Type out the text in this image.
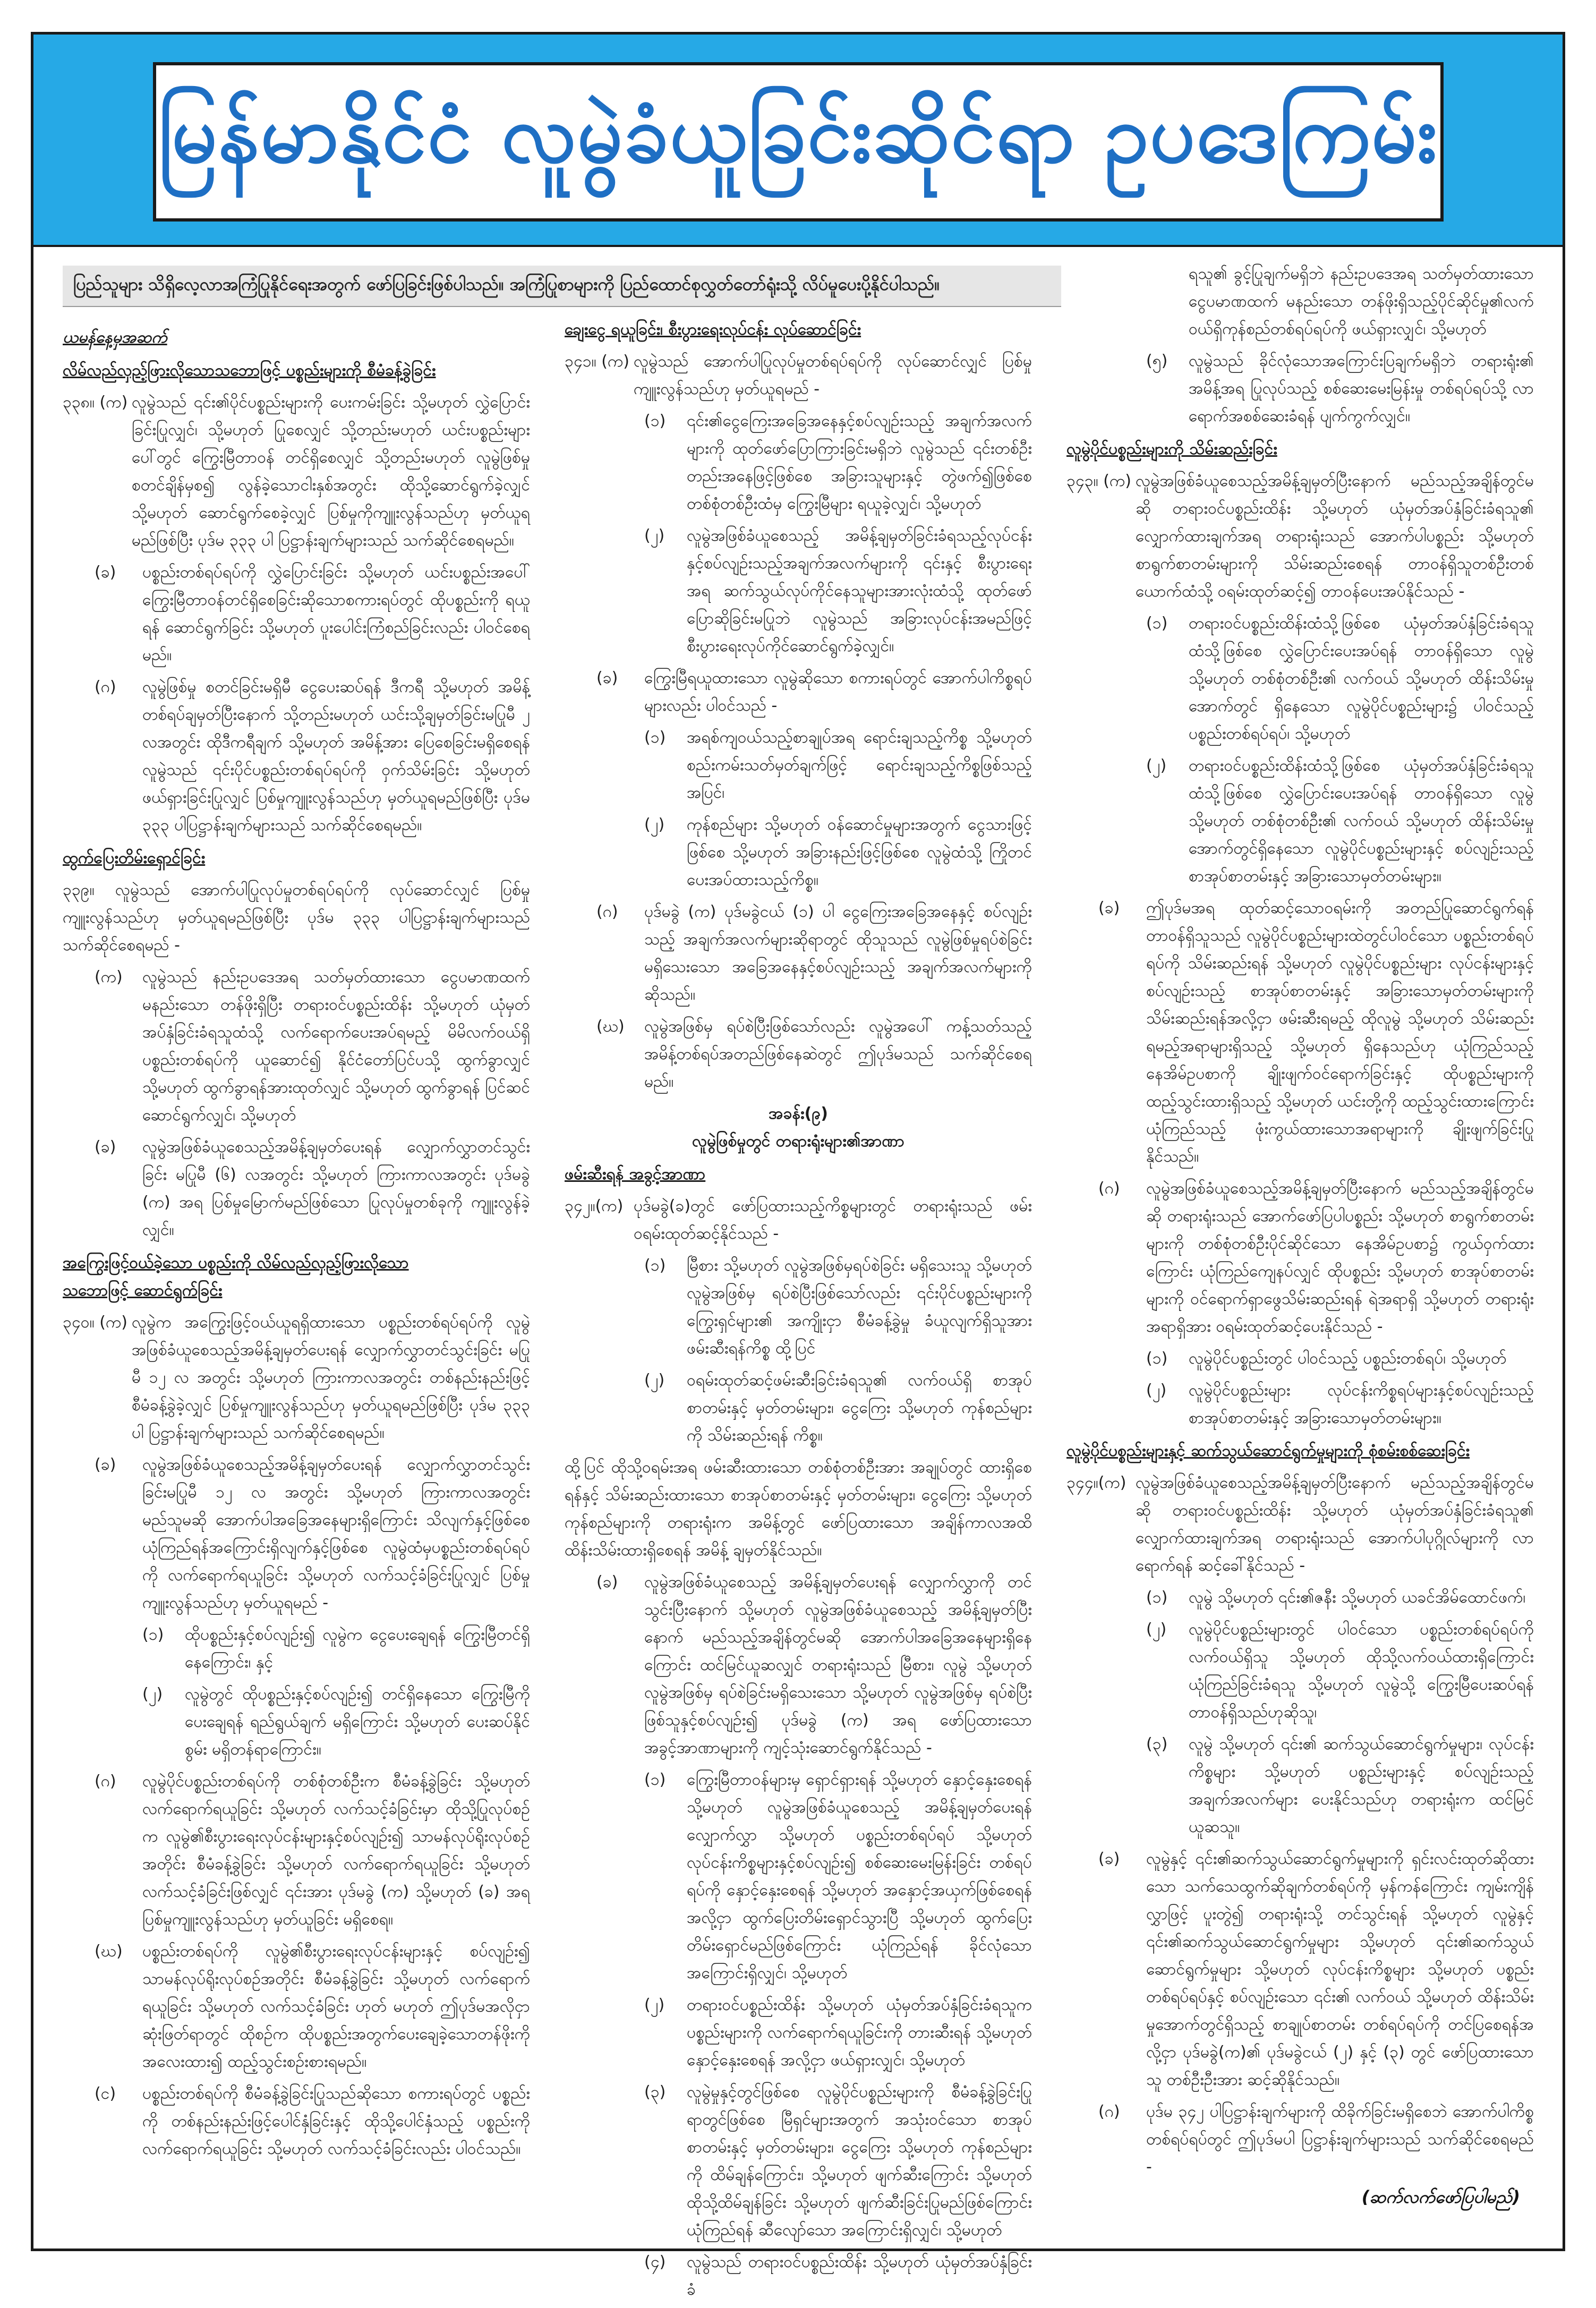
မြန်မာနိုင်ငံ လူမွဲခံယူခြင်းဆိုင်ရာ ဥပဒေကြမ်း
ပြည်သူများ သိရှိလေ့လာအကြံပြုနိုင်ရေးအတွက် ဖော်ပြခြင်းဖြစ်ပါသည်။ အကြံပြုစာများကို ပြည်ထောင်စုလွှတ်တော်ရုံးသို့ လိပ်မူပေးပို့နိုင်ပါသည်။

ယမန်နေ့မှအဆက်

လိမ်လည်လှည့်ဖြားလိုသောသဘောဖြင့် ပစ္စည်းများကို စီမံခန့်ခွဲခြင်း

၃၃၈။ (က) လူမွဲသည် ၎င်း၏ပိုင်ပစ္စည်းများကို ပေးကမ်းခြင်း သို့မဟုတ် လွှဲပြောင်းခြင်းပြုလျှင်၊ သို့မဟုတ် ပြုစေလျှင် သို့တည်းမဟုတ် ယင်းပစ္စည်းများပေါ်တွင် ကြွေးမြီတာဝန် တင်ရှိစေလျှင် သို့တည်းမဟုတ် လူမွဲဖြစ်မှုစတင်ချိန်မှစ၍ လွန်ခဲ့သောငါးနှစ်အတွင်း ထိုသို့ဆောင်ရွက်ခဲ့လျှင် သို့မဟုတ် ဆောင်ရွက်စေခဲ့လျှင် ပြစ်မှုကိုကျူးလွန်သည်ဟု မှတ်ယူရမည်ဖြစ်ပြီး ပုဒ်မ ၃၃၃ ပါ ပြဋ္ဌာန်းချက်များသည် သက်ဆိုင်စေရမည်။
(ခ)	ပစ္စည်းတစ်ရပ်ရပ်ကို လွှဲပြောင်းခြင်း သို့မဟုတ် ယင်းပစ္စည်းအပေါ် ကြွေးမြီတာဝန်တင်ရှိစေခြင်းဆိုသောစကားရပ်တွင် ထိုပစ္စည်းကို ရယူရန် ဆောင်ရွက်ခြင်း သို့မဟုတ် ပူးပေါင်းကြံစည်ခြင်းလည်း ပါဝင်စေရမည်။
(ဂ)	လူမွဲဖြစ်မှု စတင်ခြင်းမရှိမီ ငွေပေးဆပ်ရန် ဒီကရီ သို့မဟုတ် အမိန့်တစ်ရပ်ချမှတ်ပြီးနောက် သို့တည်းမဟုတ် ယင်းသို့ချမှတ်ခြင်းမပြုမီ ၂ လအတွင်း ထိုဒီကရီချက် သို့မဟုတ် အမိန့်အား ပြေစေခြင်းမရှိစေရန် လူမွဲသည် ၎င်းပိုင်ပစ္စည်းတစ်ရပ်ရပ်ကို ဝှက်သိမ်းခြင်း သို့မဟုတ် ဖယ်ရှားခြင်းပြုလျှင် ပြစ်မှုကျူးလွန်သည်ဟု မှတ်ယူရမည်ဖြစ်ပြီး ပုဒ်မ ၃၃၃ ပါပြဋ္ဌာန်းချက်များသည် သက်ဆိုင်စေရမည်။

ထွက်ပြေးတိမ်းရှောင်ခြင်း

၃၃၉။ လူမွဲသည် အောက်ပါပြုလုပ်မှုတစ်ရပ်ရပ်ကို လုပ်ဆောင်လျှင် ပြစ်မှုကျူးလွန်သည်ဟု မှတ်ယူရမည်ဖြစ်ပြီး ပုဒ်မ ၃၃၃ ပါပြဋ္ဌာန်းချက်များသည် သက်ဆိုင်စေရမည် -

(က)	လူမွဲသည် နည်းဥပဒေအရ သတ်မှတ်ထားသော ငွေပမာဏထက် မနည်းသော တန်ဖိုးရှိပြီး တရားဝင်ပစ္စည်းထိန်း သို့မဟုတ် ယုံမှတ်အပ်နှံခြင်းခံရသူထံသို့ လက်ရောက်ပေးအပ်ရမည့် မိမိလက်ဝယ်ရှိပစ္စည်းတစ်ရပ်ကို ယူဆောင်၍ နိုင်ငံတော်ပြင်ပသို့ ထွက်ခွာလျှင် သို့မဟုတ် ထွက်ခွာရန်အားထုတ်လျှင် သို့မဟုတ် ထွက်ခွာရန် ပြင်ဆင်ဆောင်ရွက်လျှင်၊ သို့မဟုတ်
(ခ)	လူမွဲအဖြစ်ခံယူစေသည့်အမိန့်ချမှတ်ပေးရန် လျှောက်လွှာတင်သွင်းခြင်း မပြုမီ (၆) လအတွင်း သို့မဟုတ် ကြားကာလအတွင်း ပုဒ်မခွဲ (က) အရ ပြစ်မှုမြောက်မည်ဖြစ်သော ပြုလုပ်မှုတစ်ခုကို ကျူးလွန်ခဲ့လျှင်။

အကြွေးဖြင့်ဝယ်ခဲ့သော ပစ္စည်းကို လိမ်လည်လှည့်ဖြားလိုသော

သဘောဖြင့် ဆောင်ရွက်ခြင်း

၃၄၀။ (က) လူမွဲက အကြွေးဖြင့်ဝယ်ယူရရှိထားသော ပစ္စည်းတစ်ရပ်ရပ်ကို လူမွဲအဖြစ်ခံယူစေသည့်အမိန့်ချမှတ်ပေးရန် လျှောက်လွှာတင်သွင်းခြင်း မပြုမီ ၁၂ လ အတွင်း သို့မဟုတ် ကြားကာလအတွင်း တစ်နည်းနည်းဖြင့် စီမံခန့်ခွဲခဲ့လျှင် ပြစ်မှုကျူးလွန်သည်ဟု မှတ်ယူရမည်ဖြစ်ပြီး ပုဒ်မ ၃၃၃ ပါ ပြဋ္ဌာန်းချက်များသည် သက်ဆိုင်စေရမည်။
(ခ)	လူမွဲအဖြစ်ခံယူစေသည့်အမိန့်ချမှတ်ပေးရန် လျှောက်လွှာတင်သွင်းခြင်းမပြုမီ ၁၂ လ အတွင်း သို့မဟုတ် ကြားကာလအတွင်း မည်သူမဆို အောက်ပါအခြေအနေများရှိကြောင်း သိလျက်နှင့်ဖြစ်စေ ယုံကြည်ရန်အကြောင်းရှိလျက်နှင့်ဖြစ်စေ လူမွဲထံမှပစ္စည်းတစ်ရပ်ရပ်ကို လက်ရောက်ရယူခြင်း သို့မဟုတ် လက်သင့်ခံခြင်းပြုလျှင် ပြစ်မှုကျူးလွန်သည်ဟု မှတ်ယူရမည် -
(၁)	ထိုပစ္စည်းနှင့်စပ်လျဉ်း၍ လူမွဲက ငွေပေးချေရန် ကြွေးမြီတင်ရှိနေကြောင်း၊ နှင့်
(၂)	လူမွဲတွင် ထိုပစ္စည်းနှင့်စပ်လျဉ်း၍ တင်ရှိနေသော ကြွေးမြီကို ပေးချေရန် ရည်ရွယ်ချက် မရှိကြောင်း သို့မဟုတ် ပေးဆပ်နိုင်စွမ်း မရှိတန်ရာကြောင်း။
(ဂ)	လူမွဲပိုင်ပစ္စည်းတစ်ရပ်ကို တစ်စုံတစ်ဦးက စီမံခန့်ခွဲခြင်း သို့မဟုတ် လက်ရောက်ရယူခြင်း သို့မဟုတ် လက်သင့်ခံခြင်းမှာ ထိုသို့ပြုလုပ်စဉ်က လူမွဲ၏စီးပွားရေးလုပ်ငန်းများနှင့်စပ်လျဉ်း၍ သာမန်လုပ်ရိုးလုပ်စဉ်အတိုင်း စီမံခန့်ခွဲခြင်း သို့မဟုတ် လက်ရောက်ရယူခြင်း သို့မဟုတ် လက်သင့်ခံခြင်းဖြစ်လျှင် ၎င်းအား ပုဒ်မခွဲ (က) သို့မဟုတ် (ခ) အရ ပြစ်မှုကျူးလွန်သည်ဟု မှတ်ယူခြင်း မရှိစေရ။
(ဃ)	ပစ္စည်းတစ်ရပ်ကို လူမွဲ၏စီးပွားရေးလုပ်ငန်းများနှင့် စပ်လျဉ်း၍ သာမန်လုပ်ရိုးလုပ်စဉ်အတိုင်း စီမံခန့်ခွဲခြင်း သို့မဟုတ် လက်ရောက်ရယူခြင်း သို့မဟုတ် လက်သင့်ခံခြင်း ဟုတ် မဟုတ် ဤပုဒ်မအလိုငှာ ဆုံးဖြတ်ရာတွင် ထိုစဉ်က ထိုပစ္စည်းအတွက်ပေးချေခဲ့သောတန်ဖိုးကို အလေးထား၍ ထည့်သွင်းစဉ်းစားရမည်။
(င)	ပစ္စည်းတစ်ရပ်ကို စီမံခန့်ခွဲခြင်းပြုသည်ဆိုသော စကားရပ်တွင် ပစ္စည်းကို တစ်နည်းနည်းဖြင့်ပေါင်နှံခြင်းနှင့် ထိုသို့ပေါင်နှံသည့် ပစ္စည်းကို လက်ရောက်ရယူခြင်း သို့မဟုတ် လက်သင့်ခံခြင်းလည်း ပါဝင်သည်။

ချေးငွေ ရယူခြင်း၊ စီးပွားရေးလုပ်ငန်း လုပ်ဆောင်ခြင်း

၃၄၁။ (က) လူမွဲသည် အောက်ပါပြုလုပ်မှုတစ်ရပ်ရပ်ကို လုပ်ဆောင်လျှင် ပြစ်မှုကျူးလွန်သည်ဟု မှတ်ယူရမည် -
(၁)	၎င်း၏ငွေကြေးအခြေအနေနှင့်စပ်လျဉ်းသည့် အချက်အလက်များကို ထုတ်ဖော်ပြောကြားခြင်းမရှိဘဲ လူမွဲသည် ၎င်းတစ်ဦးတည်းအနေဖြင့်ဖြစ်စေ အခြားသူများနှင့် တွဲဖက်၍ဖြစ်စေ တစ်စုံတစ်ဦးထံမှ ကြွေးမြီများ ရယူခဲ့လျှင်၊ သို့မဟုတ်
(၂)	လူမွဲအဖြစ်ခံယူစေသည့် အမိန့်ချမှတ်ခြင်းခံရသည့်လုပ်ငန်း နှင့်စပ်လျဉ်းသည့်အချက်အလက်များကို ၎င်းနှင့် စီးပွားရေးအရ ဆက်သွယ်လုပ်ကိုင်နေသူများအားလုံးထံသို့ ထုတ်ဖော်ပြောဆိုခြင်းမပြုဘဲ လူမွဲသည် အခြားလုပ်ငန်းအမည်ဖြင့် စီးပွားရေးလုပ်ကိုင်ဆောင်ရွက်ခဲ့လျှင်။
(ခ)	ကြွေးမြီရယူထားသော လူမွဲဆိုသော စကားရပ်တွင် အောက်ပါကိစ္စရပ်များလည်း ပါဝင်သည် -
(၁)	အရစ်ကျဝယ်သည့်စာချုပ်အရ ရောင်းချသည့်ကိစ္စ သို့မဟုတ် စည်းကမ်းသတ်မှတ်ချက်ဖြင့် ရောင်းချသည့်ကိစ္စဖြစ်သည့်အပြင်၊
(၂)	ကုန်စည်များ သို့မဟုတ် ဝန်ဆောင်မှုများအတွက် ငွေသားဖြင့်ဖြစ်စေ သို့မဟုတ် အခြားနည်းဖြင့်ဖြစ်စေ လူမွဲထံသို့ ကြိုတင်ပေးအပ်ထားသည့်ကိစ္စ။
(ဂ)	ပုဒ်မခွဲ (က) ပုဒ်မခွဲငယ် (၁) ပါ ငွေကြေးအခြေအနေနှင့် စပ်လျဉ်းသည့် အချက်အလက်များဆိုရာတွင် ထိုသူသည် လူမွဲဖြစ်မှုရပ်စဲခြင်း မရှိသေးသော အခြေအနေနှင့်စပ်လျဉ်းသည့် အချက်အလက်များကိုဆိုသည်။
(ဃ)	လူမွဲအဖြစ်မှ ရပ်စဲပြီးဖြစ်သော်လည်း လူမွဲအပေါ် ကန့်သတ်သည့်အမိန့်တစ်ရပ်အတည်ဖြစ်နေဆဲတွင် ဤပုဒ်မသည် သက်ဆိုင်စေရမည်။

အခန်း(၉)

လူမွဲဖြစ်မှုတွင် တရားရုံးများ၏အာဏာ

ဖမ်းဆီးရန် အခွင့်အာဏာ

၃၄၂။(က) ပုဒ်မခွဲ(ခ)တွင် ဖော်ပြထားသည့်ကိစ္စများတွင် တရားရုံးသည် ဖမ်းဝရမ်းထုတ်ဆင့်နိုင်သည် -
(၁)	မြီစား သို့မဟုတ် လူမွဲအဖြစ်မှရပ်စဲခြင်း မရှိသေးသူ သို့မဟုတ် လူမွဲအဖြစ်မှ ရပ်စဲပြီးဖြစ်သော်လည်း ၎င်းပိုင်ပစ္စည်းများကို ကြွေးရှင်များ၏ အကျိုးငှာ စီမံခန့်ခွဲမှု ခံယူလျက်ရှိသူအား ဖမ်းဆီးရန်ကိစ္စ ထို့ပြင်
(၂)	ဝရမ်းထုတ်ဆင့်ဖမ်းဆီးခြင်းခံရသူ၏ လက်ဝယ်ရှိ စာအုပ်စာတမ်းနှင့် မှတ်တမ်းများ၊ ငွေကြေး သို့မဟုတ် ကုန်စည်များကို သိမ်းဆည်းရန် ကိစ္စ။

ထို့ပြင် ထိုသို့ဝရမ်းအရ ဖမ်းဆီးထားသော တစ်စုံတစ်ဦးအား အချုပ်တွင် ထားရှိစေရန်နှင့် သိမ်းဆည်းထားသော စာအုပ်စာတမ်းနှင့် မှတ်တမ်းများ၊ ငွေကြေး သို့မဟုတ် ကုန်စည်များကို တရားရုံးက အမိန့်တွင် ဖော်ပြထားသော အချိန်ကာလအထိ ထိန်းသိမ်းထားရှိစေရန် အမိန့် ချမှတ်နိုင်သည်။

(ခ)	လူမွဲအဖြစ်ခံယူစေသည့် အမိန့်ချမှတ်ပေးရန် လျှောက်လွှာကို တင်သွင်းပြီးနောက် သို့မဟုတ် လူမွဲအဖြစ်ခံယူစေသည့် အမိန့်ချမှတ်ပြီးနောက် မည်သည့်အချိန်တွင်မဆို အောက်ပါအခြေအနေများရှိနေကြောင်း ထင်မြင်ယူဆလျှင် တရားရုံးသည် မြီစား၊ လူမွဲ သို့မဟုတ် လူမွဲအဖြစ်မှ ရပ်စဲခြင်းမရှိသေးသော သို့မဟုတ် လူမွဲအဖြစ်မှ ရပ်စဲပြီးဖြစ်သူနှင့်စပ်လျဉ်း၍ ပုဒ်မခွဲ (က) အရ ဖော်ပြထားသော အခွင့်အာဏာများကို ကျင့်သုံးဆောင်ရွက်နိုင်သည် -
(၁)	ကြွေးမြီတာဝန်များမှ ရှောင်ရှားရန် သို့မဟုတ် နှောင့်နှေးစေရန် သို့မဟုတ် လူမွဲအဖြစ်ခံယူစေသည့် အမိန့်ချမှတ်ပေးရန် လျှောက်လွှာ သို့မဟုတ် ပစ္စည်းတစ်ရပ်ရပ် သို့မဟုတ် လုပ်ငန်းကိစ္စများနှင့်စပ်လျဉ်း၍ စစ်ဆေးမေးမြန်းခြင်း တစ်ရပ်ရပ်ကို နှောင့်နှေးစေရန် သို့မဟုတ် အနှောင့်အယှက်ဖြစ်စေရန် အလို့ငှာ ထွက်ပြေးတိမ်းရှောင်သွားပြီ သို့မဟုတ် ထွက်ပြေးတိမ်းရှောင်မည်ဖြစ်ကြောင်း ယုံကြည်ရန် ခိုင်လုံသော အကြောင်းရှိလျှင်၊ သို့မဟုတ်
(၂)	တရားဝင်ပစ္စည်းထိန်း သို့မဟုတ် ယုံမှတ်အပ်နှံခြင်းခံရသူက ပစ္စည်းများကို လက်ရောက်ရယူခြင်းကို တားဆီးရန် သို့မဟုတ် နှောင့်နှေးစေရန် အလို့ငှာ ဖယ်ရှားလျှင်၊ သို့မဟုတ်
(၃)	လူမွဲမှုနှင့်တွင်ဖြစ်စေ လူမွဲပိုင်ပစ္စည်းများကို စီမံခန့်ခွဲခြင်းပြုရာတွင်ဖြစ်စေ မြီရှင်များအတွက် အသုံးဝင်သော စာအုပ်စာတမ်းနှင့် မှတ်တမ်းများ၊ ငွေကြေး သို့မဟုတ် ကုန်စည်များကို ထိမ်ချန်ကြောင်း၊ သို့မဟုတ် ဖျက်ဆီးကြောင်း သို့မဟုတ် ထိုသို့ထိမ်ချန်ခြင်း သို့မဟုတ် ဖျက်ဆီးခြင်းပြုမည်ဖြစ်ကြောင်း ယုံကြည်ရန် ဆီလျော်သော အကြောင်းရှိလျှင်၊ သို့မဟုတ်
(၄)	လူမွဲသည် တရားဝင်ပစ္စည်းထိန်း သို့မဟုတ် ယုံမှတ်အပ်နှံခြင်းခံ
ရသူ၏ ခွင့်ပြုချက်မရှိဘဲ နည်းဥပဒေအရ သတ်မှတ်ထားသော ငွေပမာဏထက် မနည်းသော တန်ဖိုးရှိသည့်ပိုင်ဆိုင်မှု၏လက်ဝယ်ရှိကုန်စည်တစ်ရပ်ရပ်ကို ဖယ်ရှားလျှင်၊ သို့မဟုတ်
(၅)	လူမွဲသည် ခိုင်လုံသောအကြောင်းပြချက်မရှိဘဲ တရားရုံး၏ အမိန့်အရ ပြုလုပ်သည့် စစ်ဆေးမေးမြန်းမှု တစ်ရပ်ရပ်သို့ လာရောက်အစစ်ဆေးခံရန် ပျက်ကွက်လျှင်။

လူမွဲပိုင်ပစ္စည်းများကို သိမ်းဆည်းခြင်း

၃၄၃။ (က) လူမွဲအဖြစ်ခံယူစေသည့်အမိန့်ချမှတ်ပြီးနောက် မည်သည့်အချိန်တွင်မဆို တရားဝင်ပစ္စည်းထိန်း သို့မဟုတ် ယုံမှတ်အပ်နှံခြင်းခံရသူ၏ လျှောက်ထားချက်အရ တရားရုံးသည် အောက်ပါပစ္စည်း သို့မဟုတ် စာရွက်စာတမ်းများကို သိမ်းဆည်းစေရန် တာဝန်ရှိသူတစ်ဦးတစ်ယောက်ထံသို့ ဝရမ်းထုတ်ဆင့်၍ တာဝန်ပေးအပ်နိုင်သည် -
(၁)	တရားဝင်ပစ္စည်းထိန်းထံသို့ဖြစ်စေ ယုံမှတ်အပ်နှံခြင်းခံရသူထံသို့ဖြစ်စေ လွှဲပြောင်းပေးအပ်ရန် တာဝန်ရှိသော လူမွဲ သို့မဟုတ် တစ်စုံတစ်ဦး၏ လက်ဝယ် သို့မဟုတ် ထိန်းသိမ်းမှုအောက်တွင် ရှိနေသော လူမွဲပိုင်ပစ္စည်းများ၌ ပါဝင်သည့် ပစ္စည်းတစ်ရပ်ရပ်၊ သို့မဟုတ်
(၂)	တရားဝင်ပစ္စည်းထိန်းထံသို့ဖြစ်စေ ယုံမှတ်အပ်နှံခြင်းခံရသူထံသို့ဖြစ်စေ လွှဲပြောင်းပေးအပ်ရန် တာဝန်ရှိသော လူမွဲ သို့မဟုတ် တစ်စုံတစ်ဦး၏ လက်ဝယ် သို့မဟုတ် ထိန်းသိမ်းမှုအောက်တွင်ရှိနေသော လူမွဲပိုင်ပစ္စည်းများနှင့် စပ်လျဉ်းသည့် စာအုပ်စာတမ်းနှင့် အခြားသောမှတ်တမ်းများ။
(ခ)	ဤပုဒ်မအရ ထုတ်ဆင့်သောဝရမ်းကို အတည်ပြုဆောင်ရွက်ရန် တာဝန်ရှိသူသည် လူမွဲပိုင်ပစ္စည်းများထဲတွင်ပါဝင်သော ပစ္စည်းတစ်ရပ်ရပ်ကို သိမ်းဆည်းရန် သို့မဟုတ် လူမွဲပိုင်ပစ္စည်းများ လုပ်ငန်းများနှင့်စပ်လျဉ်းသည့် စာအုပ်စာတမ်းနှင့် အခြားသောမှတ်တမ်းများကို သိမ်းဆည်းရန်အလို့ငှာ ဖမ်းဆီးရမည့် ထိုလူမွဲ သို့မဟုတ် သိမ်းဆည်းရမည့်အရာများရှိသည့် သို့မဟုတ် ရှိနေသည်ဟု ယုံကြည်သည့် နေအိမ်ဥပစာကို ချိုးဖျက်ဝင်ရောက်ခြင်းနှင့် ထိုပစ္စည်းများကို ထည့်သွင်းထားရှိသည့် သို့မဟုတ် ယင်းတို့ကို ထည့်သွင်းထားကြောင်း ယုံကြည်သည့် ဖုံးကွယ်ထားသောအရာများကို ချိုးဖျက်ခြင်းပြုနိုင်သည်။
(ဂ)	လူမွဲအဖြစ်ခံယူစေသည့်အမိန့်ချမှတ်ပြီးနောက် မည်သည့်အချိန်တွင်မဆို တရားရုံးသည် အောက်ဖော်ပြပါပစ္စည်း သို့မဟုတ် စာရွက်စာတမ်းများကို တစ်စုံတစ်ဦးပိုင်ဆိုင်သော နေအိမ်ဥပစာ၌ ကွယ်ဝှက်ထားကြောင်း ယုံကြည်ကျေနပ်လျှင် ထိုပစ္စည်း သို့မဟုတ် စာအုပ်စာတမ်းများကို ဝင်ရောက်ရှာဖွေသိမ်းဆည်းရန် ရဲအရာရှိ သို့မဟုတ် တရားရုံးအရာရှိအား ဝရမ်းထုတ်ဆင့်ပေးနိုင်သည် -
(၁)	လူမွဲပိုင်ပစ္စည်းတွင် ပါဝင်သည့် ပစ္စည်းတစ်ရပ်၊ သို့မဟုတ်
(၂)	လူမွဲပိုင်ပစ္စည်းများ လုပ်ငန်းကိစ္စရပ်များနှင့်စပ်လျဉ်းသည့် စာအုပ်စာတမ်းနှင့် အခြားသောမှတ်တမ်းများ။

လူမွဲပိုင်ပစ္စည်းများနှင့် ဆက်သွယ်ဆောင်ရွက်မှုများကို စုံစမ်းစစ်ဆေးခြင်း

၃၄၄။(က) လူမွဲအဖြစ်ခံယူစေသည့်အမိန့်ချမှတ်ပြီးနောက် မည်သည့်အချိန်တွင်မဆို တရားဝင်ပစ္စည်းထိန်း သို့မဟုတ် ယုံမှတ်အပ်နှံခြင်းခံရသူ၏ လျှောက်ထားချက်အရ တရားရုံးသည် အောက်ပါပုဂ္ဂိုလ်များကို လာရောက်ရန် ဆင့်ခေါ်နိုင်သည် -
(၁)	လူမွဲ သို့မဟုတ် ၎င်း၏ဇနီး သို့မဟုတ် ယခင်အိမ်ထောင်ဖက်၊
(၂)	လူမွဲပိုင်ပစ္စည်းများတွင် ပါဝင်သော ပစ္စည်းတစ်ရပ်ရပ်ကို လက်ဝယ်ရှိသူ သို့မဟုတ် ထိုသို့လက်ဝယ်ထားရှိကြောင်း ယုံကြည်ခြင်းခံရသူ သို့မဟုတ် လူမွဲသို့ ကြွေးမြီပေးဆပ်ရန် တာဝန်ရှိသည်ဟုဆိုသူ၊
(၃)	လူမွဲ သို့မဟုတ် ၎င်း၏ ဆက်သွယ်ဆောင်ရွက်မှုများ၊ လုပ်ငန်းကိစ္စများ သို့မဟုတ် ပစ္စည်းများနှင့် စပ်လျဉ်းသည့်အချက်အလက်များ ပေးနိုင်သည်ဟု တရားရုံးက ထင်မြင်ယူဆသူ။
(ခ)	လူမွဲနှင့် ၎င်း၏ဆက်သွယ်ဆောင်ရွက်မှုများကို ရှင်းလင်းထုတ်ဆိုထားသော သက်သေထွက်ဆိုချက်တစ်ရပ်ကို မှန်ကန်ကြောင်း ကျမ်းကျိန်လွှာဖြင့် ပူးတွဲ၍ တရားရုံးသို့ တင်သွင်းရန် သို့မဟုတ် လူမွဲနှင့် ၎င်း၏ဆက်သွယ်ဆောင်ရွက်မှုများ သို့မဟုတ် ၎င်း၏ဆက်သွယ်ဆောင်ရွက်မှုများ သို့မဟုတ် လုပ်ငန်းကိစ္စများ သို့မဟုတ် ပစ္စည်းတစ်ရပ်ရပ်နှင့် စပ်လျဉ်းသော ၎င်း၏ လက်ဝယ် သို့မဟုတ် ထိန်းသိမ်းမှုအောက်တွင်ရှိသည့် စာချုပ်စာတမ်း တစ်ရပ်ရပ်ကို တင်ပြစေရန်အလို့ငှာ ပုဒ်မခွဲ(က)၏ ပုဒ်မခွဲငယ် (၂) နှင့် (၃) တွင် ဖော်ပြထားသောသူ တစ်ဦးဦးအား ဆင့်ဆိုနိုင်သည်။
(ဂ)	ပုဒ်မ ၃၄၂ ပါပြဋ္ဌာန်းချက်များကို ထိခိုက်ခြင်းမရှိစေဘဲ အောက်ပါကိစ္စတစ်ရပ်ရပ်တွင် ဤပုဒ်မပါ ပြဋ္ဌာန်းချက်များသည် သက်ဆိုင်စေရမည် -
(ဆက်လက်ဖော်ပြပါမည်)
